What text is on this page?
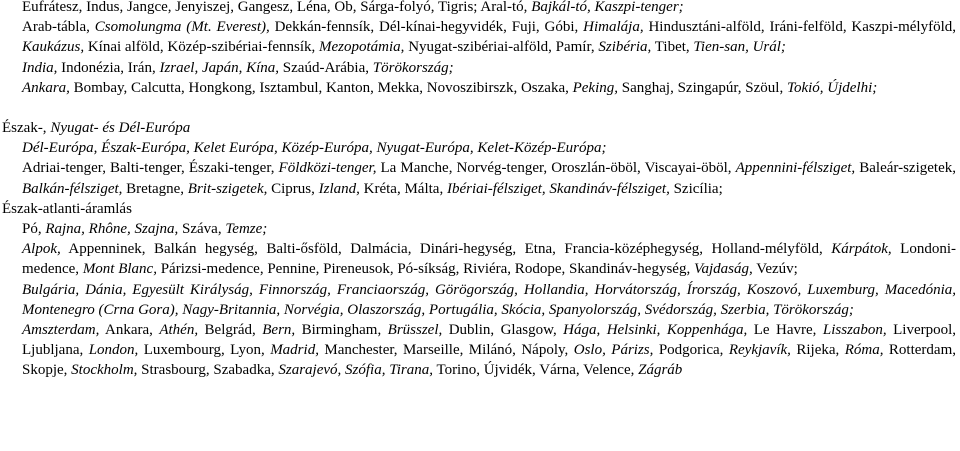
Eufrátesz, Indus, Jangce, Jenyiszej, Gangesz, Léna, Ob, Sárga-folyó, Tigris; Aral-tó, Bajkál-tó, Kaszpi-tenger;

Arab-tábla, Csomolungma (Mt. Everest), Dekkán-fennsík, Dél-kínai-hegyvidék, Fuji, Góbi, Himalája, Hindusztáni-alföld, Iráni-felföld, Kaszpi-mélyföld, Kaukázus, Kínai alföld, Közép-szibériai-fennsík, Mezopotámia, Nyugat-szibériai-alföld, Pamír, Szibéria, Tibet, Tien-san, Urál;

India, Indonézia, Irán, Izrael, Japán, Kína, Szaúd-Arábia, Törökország;

Ankara, Bombay, Calcutta, Hongkong, Isztambul, Kanton, Mekka, Novoszibirszk, Oszaka, Peking, Sanghaj, Szingapúr, Szöul, Tokió, Újdelhi;

Észak-, Nyugat- és Dél-Európa

Dél-Európa, Észak-Európa, Kelet Európa, Közép-Európa, Nyugat-Európa, Kelet-Közép-Európa;

Adriai-tenger, Balti-tenger, Északi-tenger, Földközi-tenger, La Manche, Norvég-tenger, Oroszlán-öböl, Viscayai-öböl, Appennini-félsziget, Baleár-szigetek, Balkán-félsziget, Bretagne, Brit-szigetek, Ciprus, Izland, Kréta, Málta, Ibériai-félsziget, Skandináv-félsziget, Szicília;

Észak-atlanti-áramlás

Pó, Rajna, Rhône, Szajna, Száva, Temze;

Alpok, Appenninek, Balkán hegység, Balti-ősföld, Dalmácia, Dinári-hegység, Etna, Francia-középhegység, Holland-mélyföld, Kárpátok, Londoni-medence, Mont Blanc, Párizsi-medence, Pennine, Pireneusok, Pó-síkság, Riviéra, Rodope, Skandináv-hegység, Vajdaság, Vezúv;

Bulgária, Dánia, Egyesült Királyság, Finnország, Franciaország, Görögország, Hollandia, Horvátország, Írország, Koszovó, Luxemburg, Macedónia, Montenegro (Crna Gora), Nagy-Britannia, Norvégia, Olaszország, Portugália, Skócia, Spanyolország, Svédország, Szerbia, Törökország;

Amszterdam, Ankara, Athén, Belgrád, Bern, Birmingham, Brüsszel, Dublin, Glasgow, Hága, Helsinki, Koppenhága, Le Havre, Lisszabon, Liverpool, Ljubljana, London, Luxembourg, Lyon, Madrid, Manchester, Marseille, Milánó, Nápoly, Oslo, Párizs, Podgorica, Reykjavík, Rijeka, Róma, Rotterdam, Skopje, Stockholm, Strasbourg, Szabadka, Szarajevó, Szófia, Tirana, Torino, Újvidék, Várna, Velence, Zágráb
